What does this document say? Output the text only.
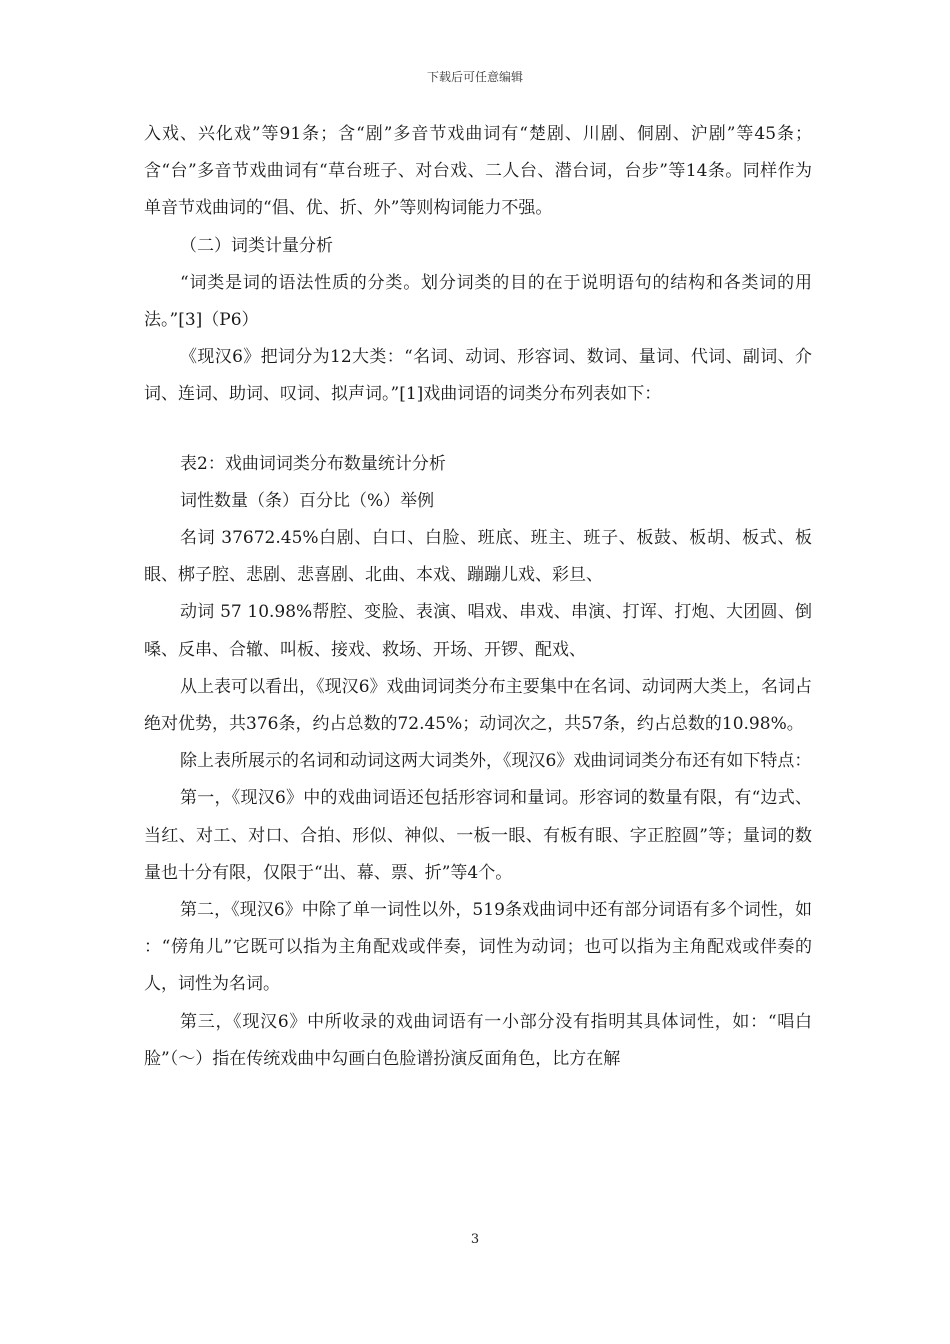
下载后可任意编辑

入戏、兴化戏”等91条；含“剧”多音节戏曲词有“楚剧、川剧、侗剧、沪剧”等45条；含“台”多音节戏曲词有“草台班子、对台戏、二人台、潜台词，台步”等14条。同样作为单音节戏曲词的“倡、优、折、外”等则构词能力不强。

（二）词类计量分析

“词类是词的语法性质的分类。划分词类的目的在于说明语句的结构和各类词的用法。”[3]（P6）

《现汉6》把词分为12大类：“名词、动词、形容词、数词、量词、代词、副词、介词、连词、助词、叹词、拟声词。”[1]戏曲词语的词类分布列表如下：

表2：戏曲词词类分布数量统计分析

词性数量（条）百分比（%）举例

名词 37672.45%白剧、白口、白脸、班底、班主、班子、板鼓、板胡、板式、板眼、梆子腔、悲剧、悲喜剧、北曲、本戏、蹦蹦儿戏、彩旦、

动词 57 10.98%帮腔、变脸、表演、唱戏、串戏、串演、打诨、打炮、大团圆、倒嗓、反串、合辙、叫板、接戏、救场、开场、开锣、配戏、

从上表可以看出，《现汉6》戏曲词词类分布主要集中在名词、动词两大类上，名词占绝对优势，共376条，约占总数的72.45%；动词次之，共57条，约占总数的10.98%。

除上表所展示的名词和动词这两大词类外，《现汉6》戏曲词词类分布还有如下特点：

第一，《现汉6》中的戏曲词语还包括形容词和量词。形容词的数量有限，有“边式、当红、对工、对口、合拍、形似、神似、一板一眼、有板有眼、字正腔圆”等；量词的数量也十分有限，仅限于“出、幕、票、折”等4个。

第二，《现汉6》中除了单一词性以外，519条戏曲词中还有部分词语有多个词性，如 ：“傍角儿”它既可以指为主角配戏或伴奏，词性为动词；也可以指为主角配戏或伴奏的人，词性为名词。

第三，《现汉6》中所收录的戏曲词语有一小部分没有指明其具体词性，如：“唱白脸”（～）指在传统戏曲中勾画白色脸谱扮演反面角色，比方在解

3
